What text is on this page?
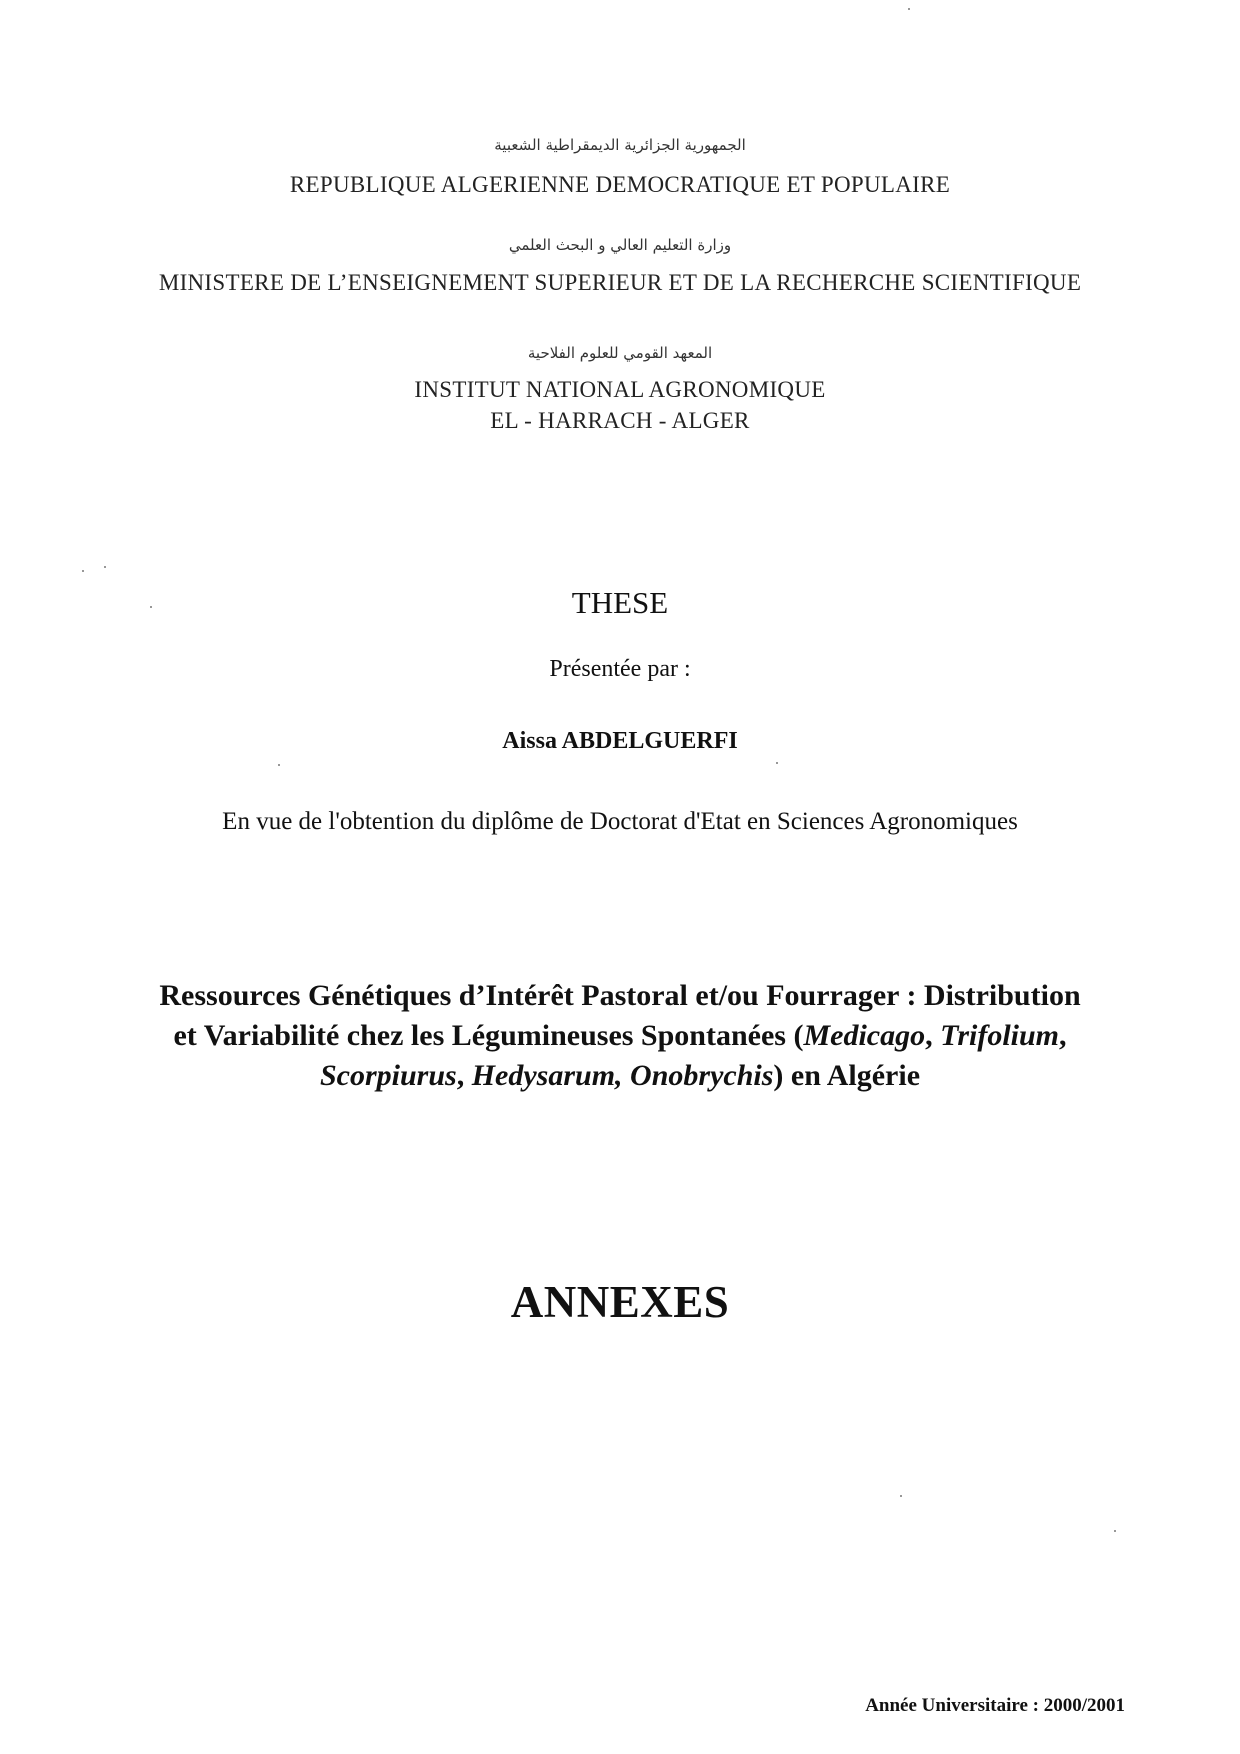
الجمهورية الجزائرية الديمقراطية الشعبية
REPUBLIQUE ALGERIENNE DEMOCRATIQUE ET POPULAIRE
وزارة التعليم العالي و البحث العلمي
MINISTERE DE L’ENSEIGNEMENT SUPERIEUR ET DE LA RECHERCHE SCIENTIFIQUE
المعهد القومي للعلوم الفلاحية
INSTITUT NATIONAL AGRONOMIQUE
EL - HARRACH - ALGER
THESE
Présentée par :
Aissa ABDELGUERFI
En vue de l'obtention du diplôme de Doctorat d'Etat en Sciences Agronomiques
Ressources Génétiques d’Intérêt Pastoral et/ou Fourrager : Distribution
et Variabilité chez les Légumineuses Spontanées (Medicago, Trifolium,
Scorpiurus, Hedysarum, Onobrychis) en Algérie
ANNEXES
Année Universitaire : 2000/2001
